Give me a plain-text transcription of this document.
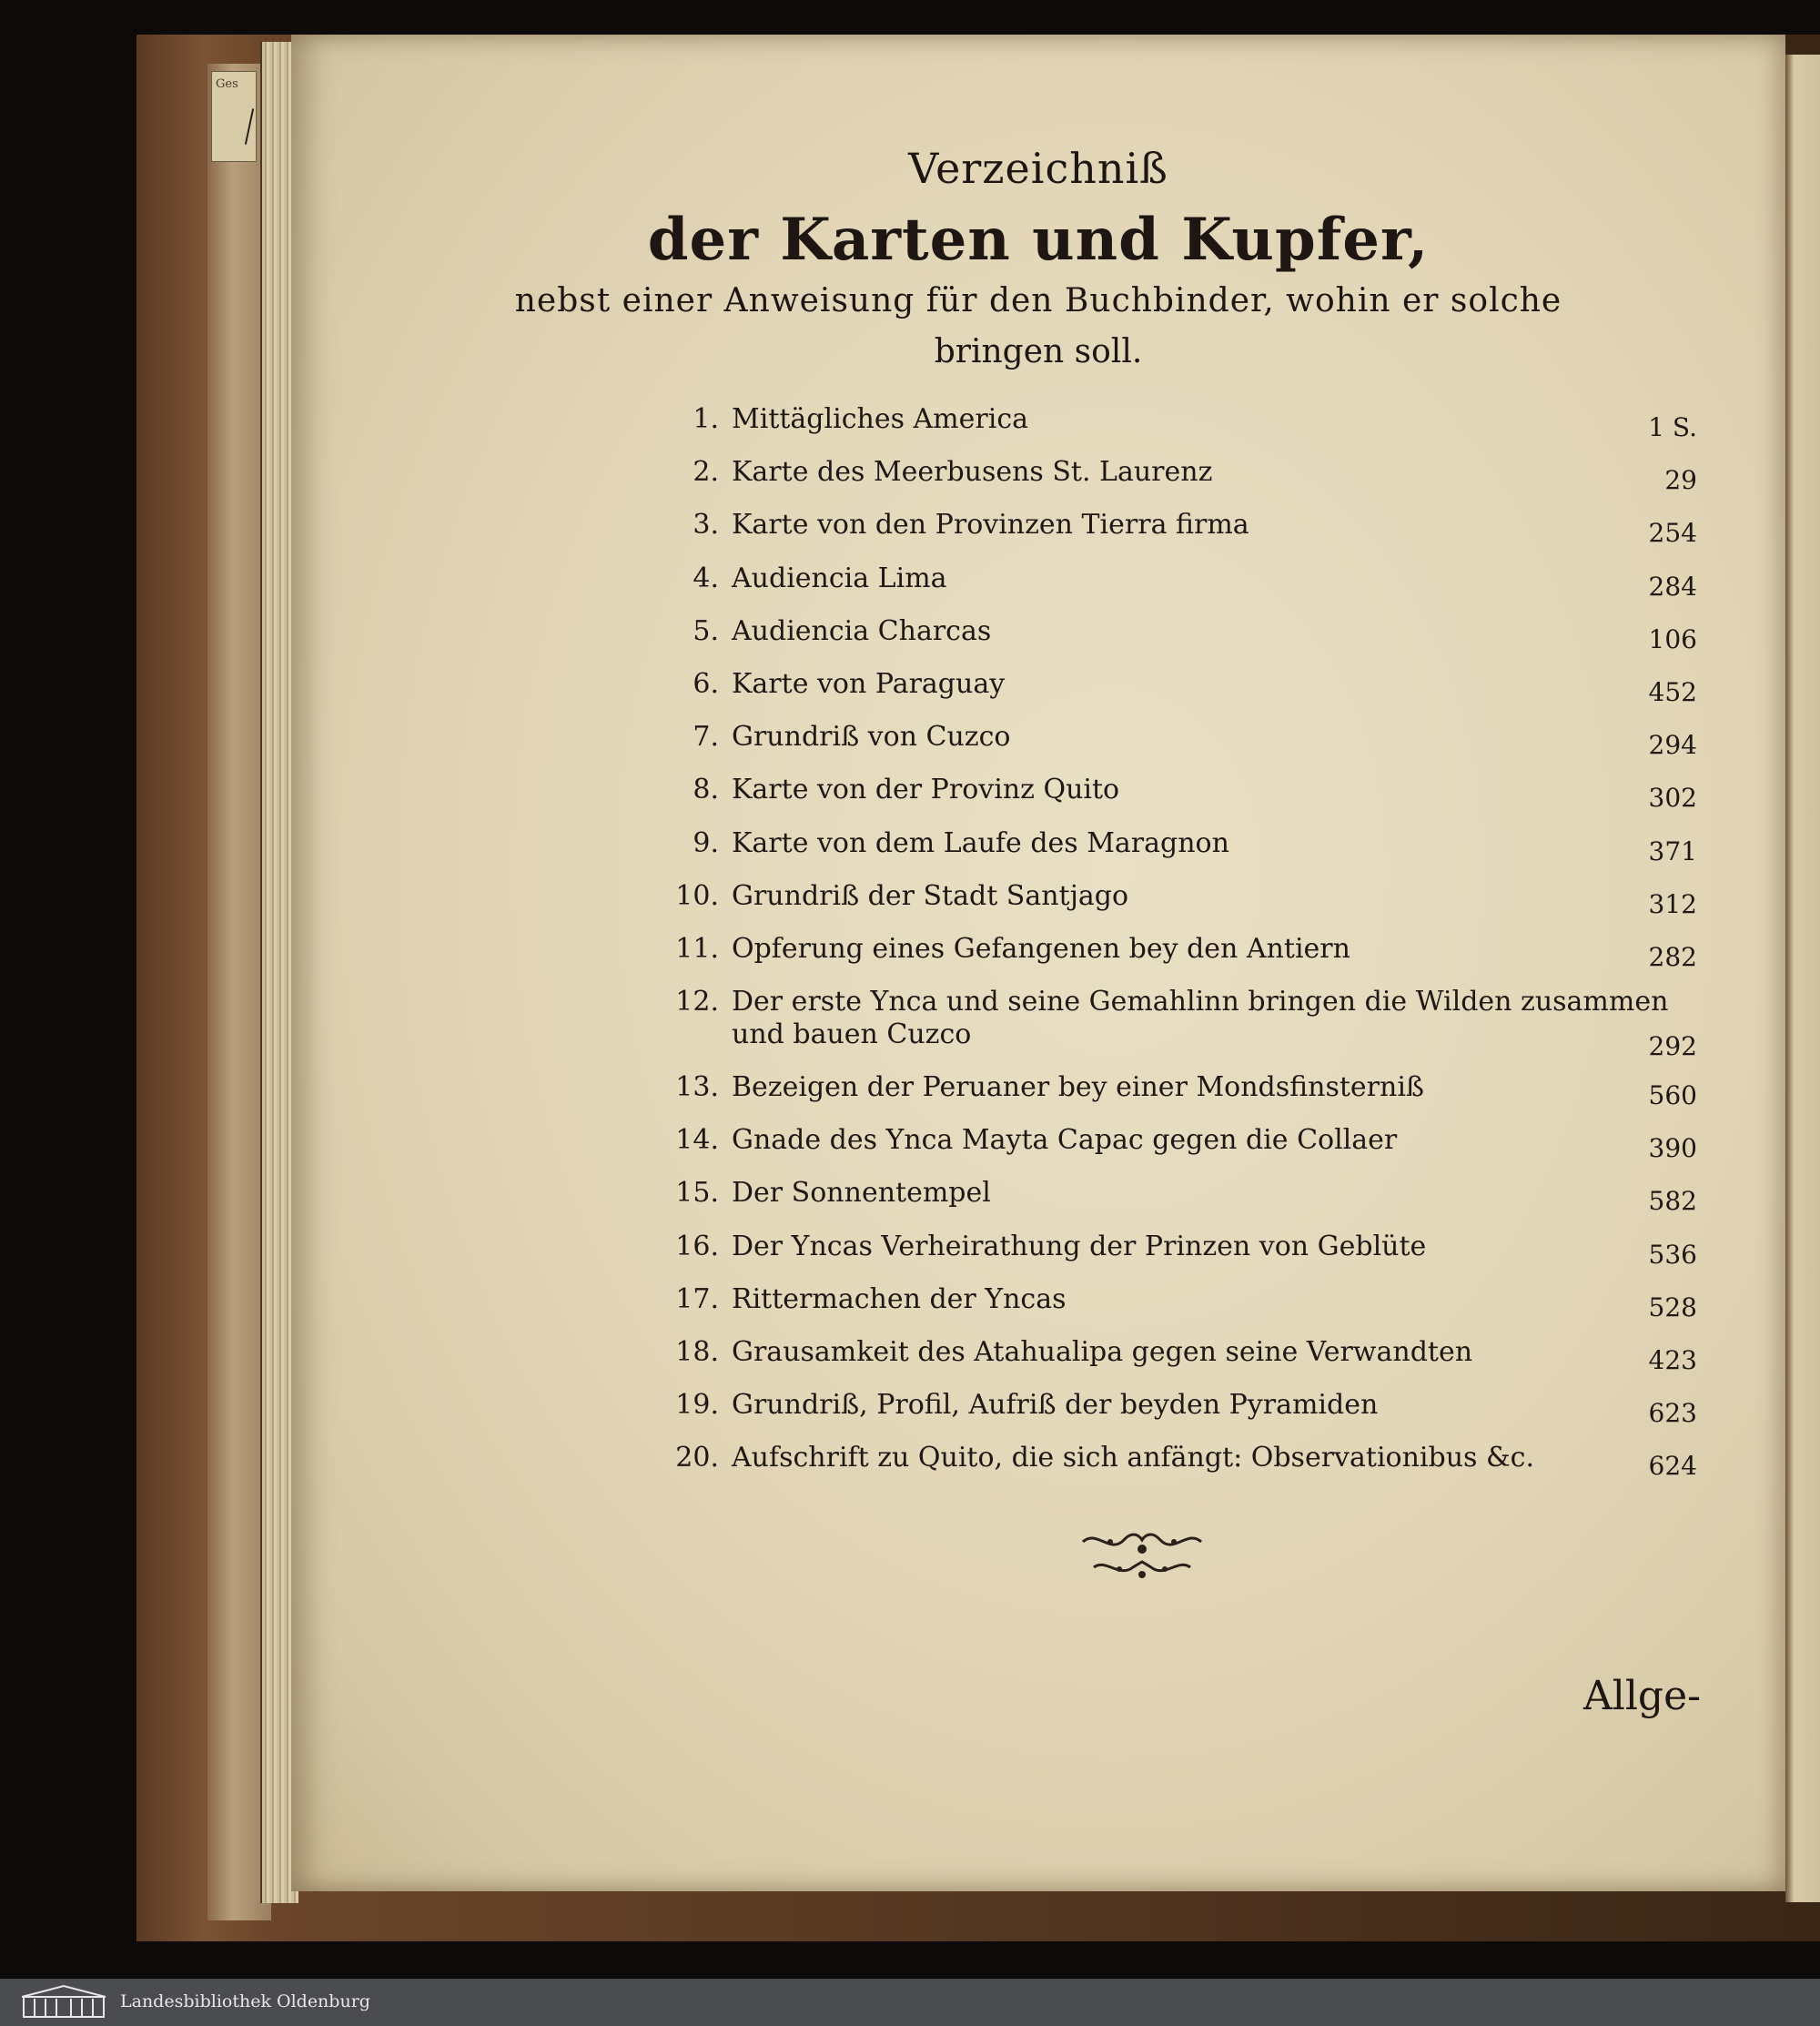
Ges
Verzeichniß
der Karten und Kupfer,
nebst einer Anweisung für den Buchbinder, wohin er solche
bringen soll.
1. Mittägliches America	1 S.
2. Karte des Meerbusens St. Laurenz	29
3. Karte von den Provinzen Tierra firma	254
4. Audiencia Lima	284
5. Audiencia Charcas	106
6. Karte von Paraguay	452
7. Grundriß von Cuzco	294
8. Karte von der Provinz Quito	302
9. Karte von dem Laufe des Maragnon	371
10. Grundriß der Stadt Santjago	312
11. Opferung eines Gefangenen bey den Antiern	282
12. Der erste Ynca und seine Gemahlinn bringen die Wilden zusammen und bauen Cuzco	292
13. Bezeigen der Peruaner bey einer Mondsfinsterniß	560
14. Gnade des Ynca Mayta Capac gegen die Collaer	390
15. Der Sonnentempel	582
16. Der Yncas Verheirathung der Prinzen von Geblüte	536
17. Rittermachen der Yncas	528
18. Grausamkeit des Atahualipa gegen seine Verwandten	423
19. Grundriß, Profil, Aufriß der beyden Pyramiden	623
20. Aufschrift zu Quito, die sich anfängt: Observationibus &c.	624
Allge-
Landesbibliothek Oldenburg
